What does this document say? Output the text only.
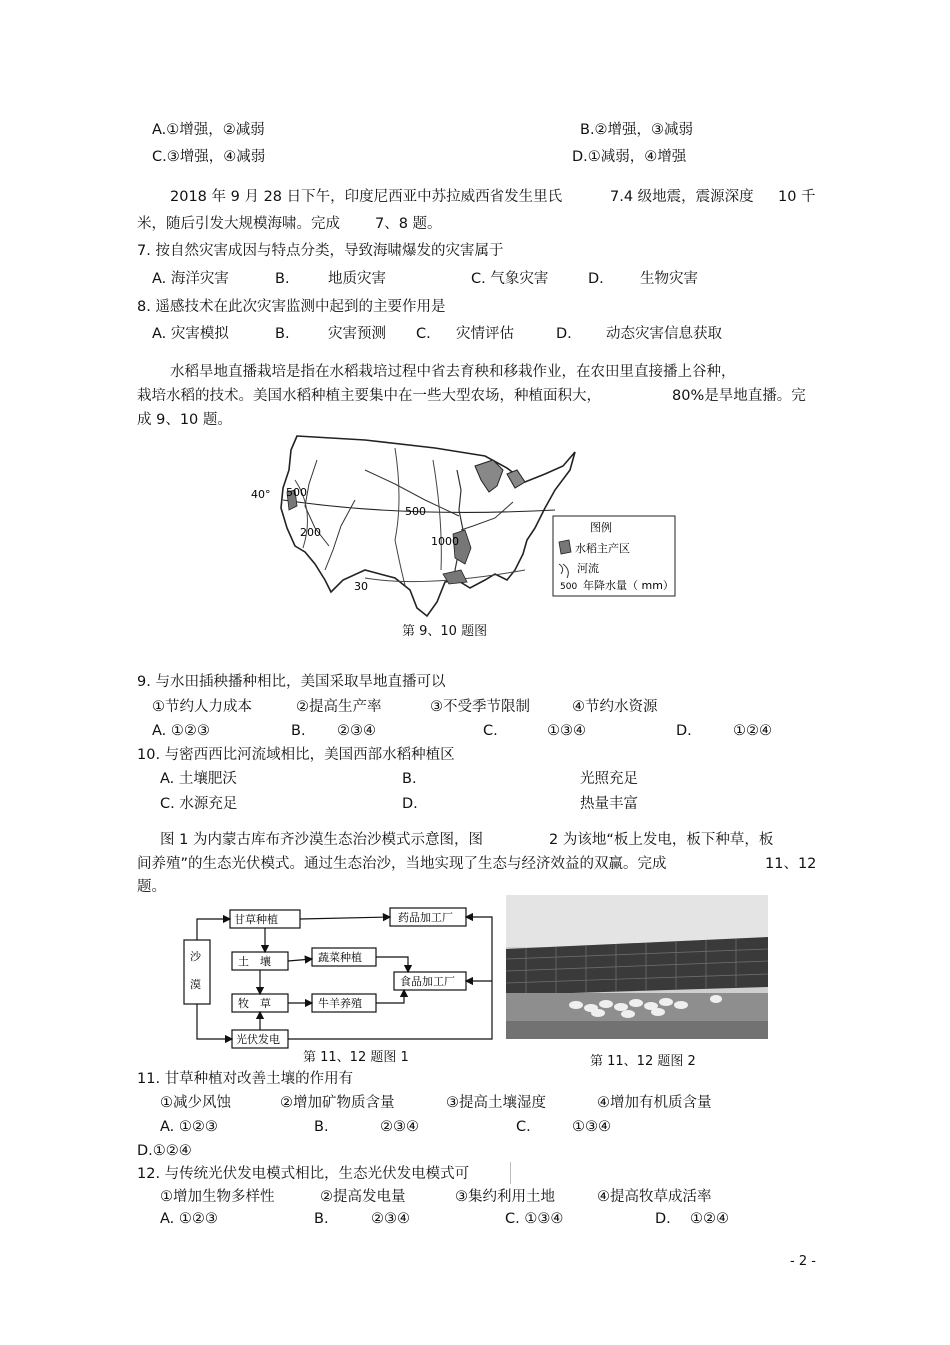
A.①增强，②减弱	B.②增强，③减弱
C.③增强，④减弱	D.①减弱，④增强
2018 年 9 月 28 日下午，印度尼西亚中苏拉威西省发生里氏	7.4 级地震，震源深度 10 千
米，随后引发大规模海啸。完成 7、8 题。
7. 按自然灾害成因与特点分类，导致海啸爆发的灾害属于
A. 海洋灾害	B.	地质灾害	C. 气象灾害	D. 生物灾害
8. 遥感技术在此次灾害监测中起到的主要作用是
A. 灾害模拟	B.	灾害预测 C. 灾情评估	D. 动态灾害信息获取
水稻旱地直播栽培是指在水稻栽培过程中省去育秧和移栽作业，在农田里直接播上谷种，
栽培水稻的技术。美国水稻种植主要集中在一些大型农场，种植面积大，	80%是旱地直播。完
成 9、10 题。
40° 500
500
200
1000
30
图例
水稻主产区
河流
500 年降水量（ mm）
第 9、10 题图
9. 与水田插秧播种相比，美国采取旱地直播可以
①节约人力成本	②提高生产率	③不受季节限制	④节约水资源
A. ①②③	B. ②③④	C.	①③④	D.	①②④
10. 与密西西比河流域相比，美国西部水稻种植区
A. 土壤肥沃	B.	光照充足
C. 水源充足	D.	热量丰富
图 1 为内蒙古库布齐沙漠生态治沙模式示意图，图	2 为该地“板上发电，板下种草，板
间养殖”的生态光伏模式。通过生态治沙，当地实现了生态与经济效益的双赢。完成	11、12
题。
沙
漠
甘草种植
土　壤
牧　草
光伏发电
蔬菜种植
牛羊养殖
药品加工厂
食品加工厂
第 11、12 题图 1	第 11、12 题图 2
11. 甘草种植对改善土壤的作用有
①减少风蚀	②增加矿物质含量	③提高土壤湿度	④增加有机质含量
A. ①②③	B.	②③④	C.	①③④
D.①②④
12. 与传统光伏发电模式相比，生态光伏发电模式可
①增加生物多样性	②提高发电量	③集约利用土地	④提高牧草成活率
A. ①②③	B.	②③④	C. ①③④	D. ①②④
- 2 -
